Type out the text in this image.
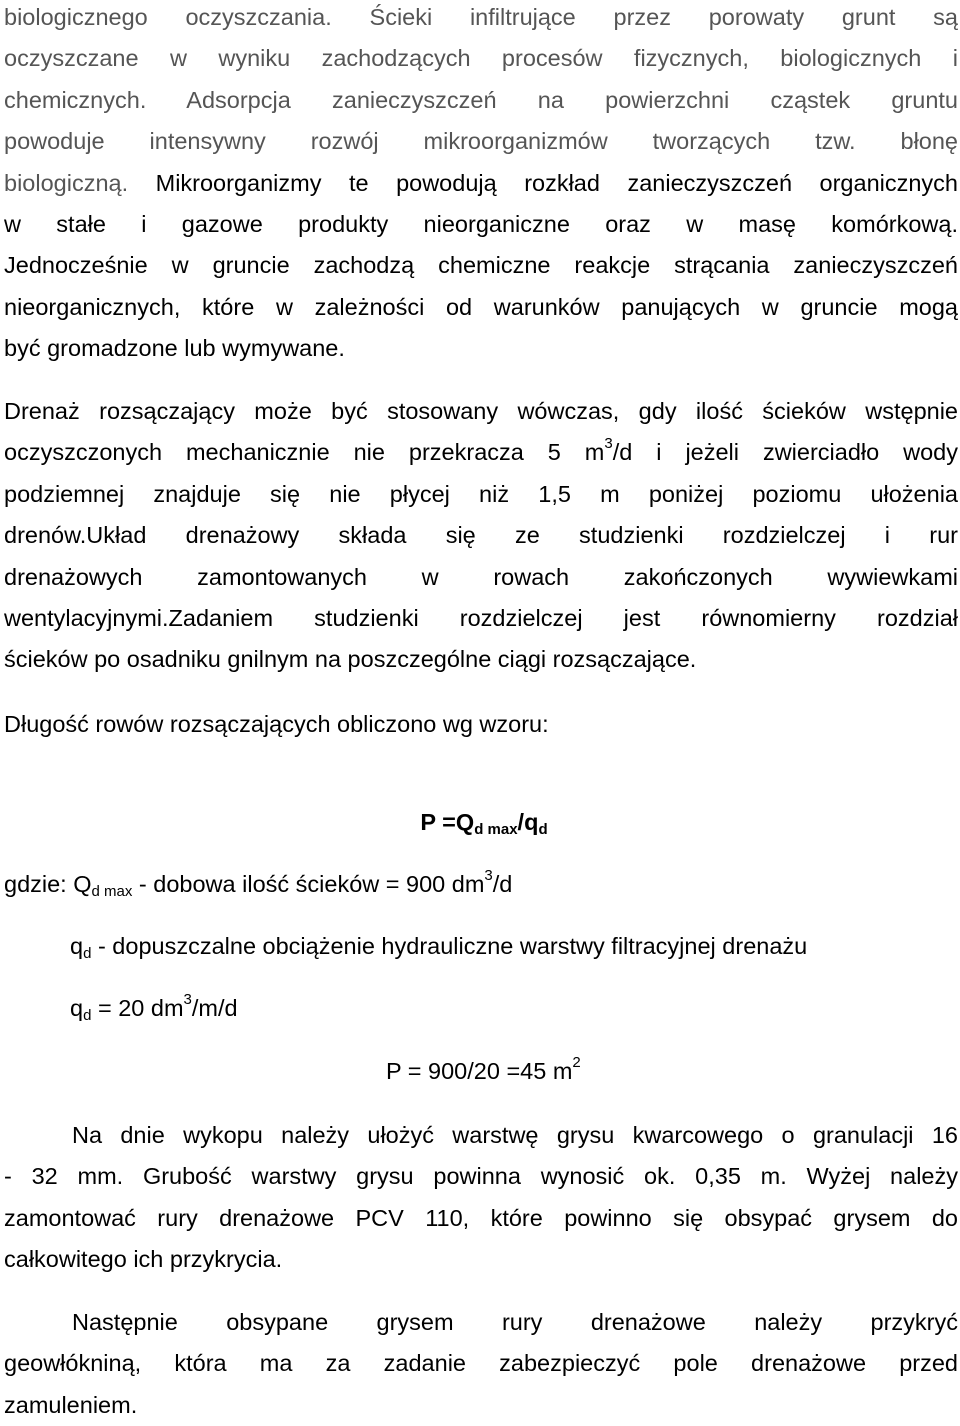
biologicznego oczyszczania. Ścieki infiltrujące przez porowaty grunt są
oczyszczane w wyniku zachodzących procesów fizycznych, biologicznych i
chemicznych. Adsorpcja zanieczyszczeń na powierzchni cząstek gruntu
powoduje intensywny rozwój mikroorganizmów tworzących tzw. błonę
biologiczną. Mikroorganizmy te powodują rozkład zanieczyszczeń organicznych
w stałe i gazowe produkty nieorganiczne oraz w masę komórkową.
Jednocześnie w gruncie zachodzą chemiczne reakcje strącania zanieczyszczeń
nieorganicznych, które w zależności od warunków panujących w gruncie mogą
być gromadzone lub wymywane.
Drenaż rozsączający może być stosowany wówczas, gdy ilość ścieków wstępnie
oczyszczonych mechanicznie nie przekracza 5 $m^3/d$ i jeżeli zwierciadło wody
podziemnej znajduje się nie płycej niż 1,5 m poniżej poziomu ułożenia
drenów.Układ drenażowy składa się ze studzienki rozdzielczej i rur
drenażowych zamontowanych w rowach zakończonych wywiewkami
wentylacyjnymi.Zadaniem studzienki rozdzielczej jest równomierny rozdział
ścieków po osadniku gnilnym na poszczególne ciągi rozsączające.
Długość rowów rozsączających obliczono wg wzoru:
$P =Q_{d max}/q_d$
gdzie: $Q_{d max}$ - dobowa ilość ścieków = 900 $dm^3/d$
$q_d$ - dopuszczalne obciążenie hydrauliczne warstwy filtracyjnej drenażu
$q_d = 20$ $dm^3/m/d$
P = 900/20 =45 $m^2$
Na dnie wykopu należy ułożyć warstwę grysu kwarcowego o granulacji 16
- 32 mm. Grubość warstwy grysu powinna wynosić ok. 0,35 m. Wyżej należy
zamontować rury drenażowe PCV 110, które powinno się obsypać grysem do
całkowitego ich przykrycia.
Następnie obsypane grysem rury drenażowe należy przykryć
geowłókniną, która ma za zadanie zabezpieczyć pole drenażowe przed
zamuleniem.
